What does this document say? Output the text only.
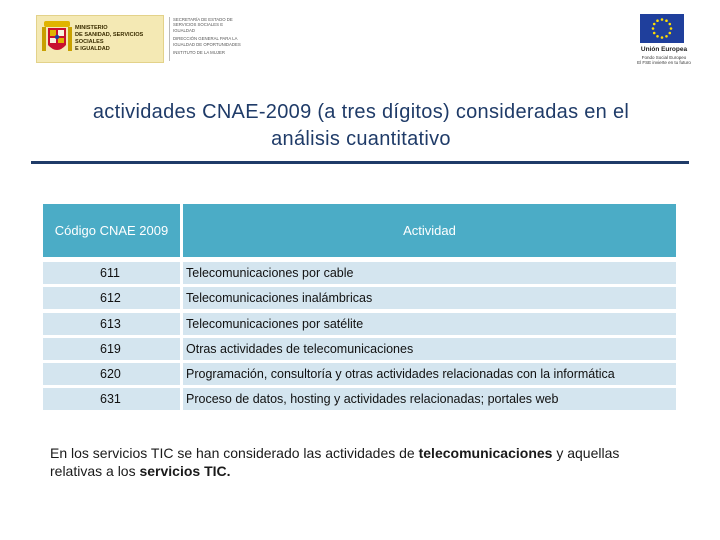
MINISTERIO
DE SANIDAD, SERVICIOS SOCIALES
E IGUALDAD
SECRETARÍA DE ESTADO DE SERVICIOS SOCIALES E IGUALDAD
DIRECCIÓN GENERAL PARA LA IGUALDAD DE OPORTUNIDADES
INSTITUTO DE LA MUJER	Unión Europea
Fondo Social Europeo
El FSE invierte en tu futuro
actividades CNAE-2009 (a tres dígitos) consideradas en el
análisis cuantitativo
Código CNAE 2009	Actividad
611	Telecomunicaciones por cable
612	Telecomunicaciones inalámbricas
613	Telecomunicaciones por satélite
619	Otras actividades de telecomunicaciones
620	Programación, consultoría y otras actividades relacionadas con la informática
631	Proceso de datos, hosting y actividades relacionadas; portales web
En los servicios TIC se han considerado las actividades de telecomunicaciones y aquellas relativas a los servicios TIC.
